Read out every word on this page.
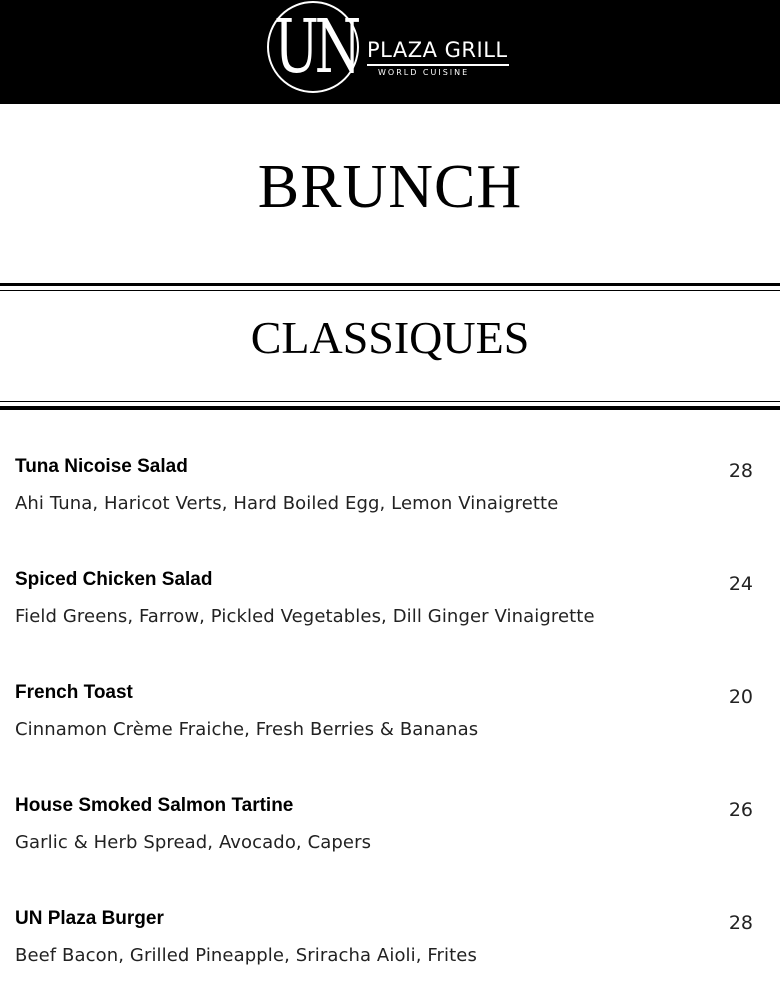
UN PLAZA GRILL
WORLD CUISINE
BRUNCH
CLASSIQUES
Tuna Nicoise Salad
Ahi Tuna, Haricot Verts, Hard Boiled Egg, Lemon Vinaigrette
28
Spiced Chicken Salad
Field Greens, Farrow, Pickled Vegetables, Dill Ginger Vinaigrette
24
French Toast
Cinnamon Crème Fraiche, Fresh Berries & Bananas
20
House Smoked Salmon Tartine
Garlic & Herb Spread, Avocado, Capers
26
UN Plaza Burger
Beef Bacon, Grilled Pineapple, Sriracha Aioli, Frites
28
